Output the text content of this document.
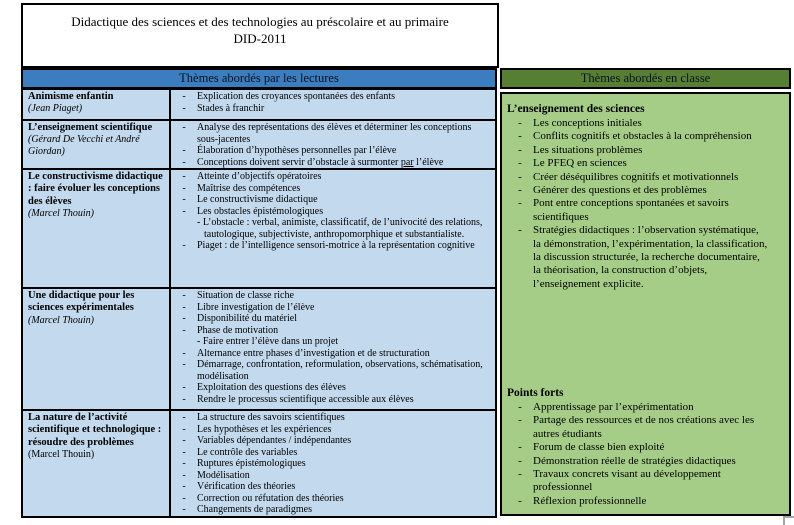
Didactique des sciences et des technologies au préscolaire et au primaire
DID-2011
Thèmes abordés par les lectures	Thèmes abordés en classe
Animisme enfantin
(Jean Piaget)
-	Explication des croyances spontanées des enfants
-	Stades à franchir
L’enseignement scientifique
(Gérard De Vecchi et André Giordan)
-	Analyse des représentations des élèves et déterminer les conceptions sous-jacentes
-	Élaboration d’hypothèses personnelles par l’élève
-	Conceptions doivent servir d’obstacle à surmonter par l’élève
Le constructivisme didactique : faire évoluer les conceptions des élèves
(Marcel Thouin)
-	Atteinte d’objectifs opératoires
-	Maîtrise des compétences
-	Le constructivisme didactique
-	Les obstacles épistémologiques
- L’obstacle : verbal, animiste, classificatif, de l’univocité des relations, tautologique, subjectiviste, anthropomorphique et substantialiste.
-	Piaget : de l’intelligence sensori-motrice à la représentation cognitive
Une didactique pour les sciences expérimentales
(Marcel Thouin)
-	Situation de classe riche
-	Libre investigation de l’élève
-	Disponibilité du matériel
-	Phase de motivation
- Faire entrer l’élève dans un projet
-	Alternance entre phases d’investigation et de structuration
-	Démarrage, confrontation, reformulation, observations, schématisation, modélisation
-	Exploitation des questions des élèves
-	Rendre le processus scientifique accessible aux élèves
La nature de l’activité scientifique et technologique : résoudre des problèmes
(Marcel Thouin)
-	La structure des savoirs scientifiques
-	Les hypothèses et les expériences
-	Variables dépendantes / indépendantes
-	Le contrôle des variables
-	Ruptures épistémologiques
-	Modélisation
-	Vérification des théories
-	Correction ou réfutation des théories
-	Changements de paradigmes
L’enseignement des sciences
-	Les conceptions initiales
-	Conflits cognitifs et obstacles à la compréhension
-	Les situations problèmes
-	Le PFEQ en sciences
-	Créer déséquilibres cognitifs et motivationnels
-	Générer des questions et des problèmes
-	Pont entre conceptions spontanées et savoirs scientifiques
-	Stratégies didactiques : l’observation systématique, la démonstration, l’expérimentation, la classification, la discussion structurée, la recherche documentaire, la théorisation, la construction d’objets, l’enseignement explicite.
Points forts
-	Apprentissage par l’expérimentation
-	Partage des ressources et de nos créations avec les autres étudiants
-	Forum de classe bien exploité
-	Démonstration réelle de stratégies didactiques
-	Travaux concrets visant au développement professionnel
-	Réflexion professionnelle
